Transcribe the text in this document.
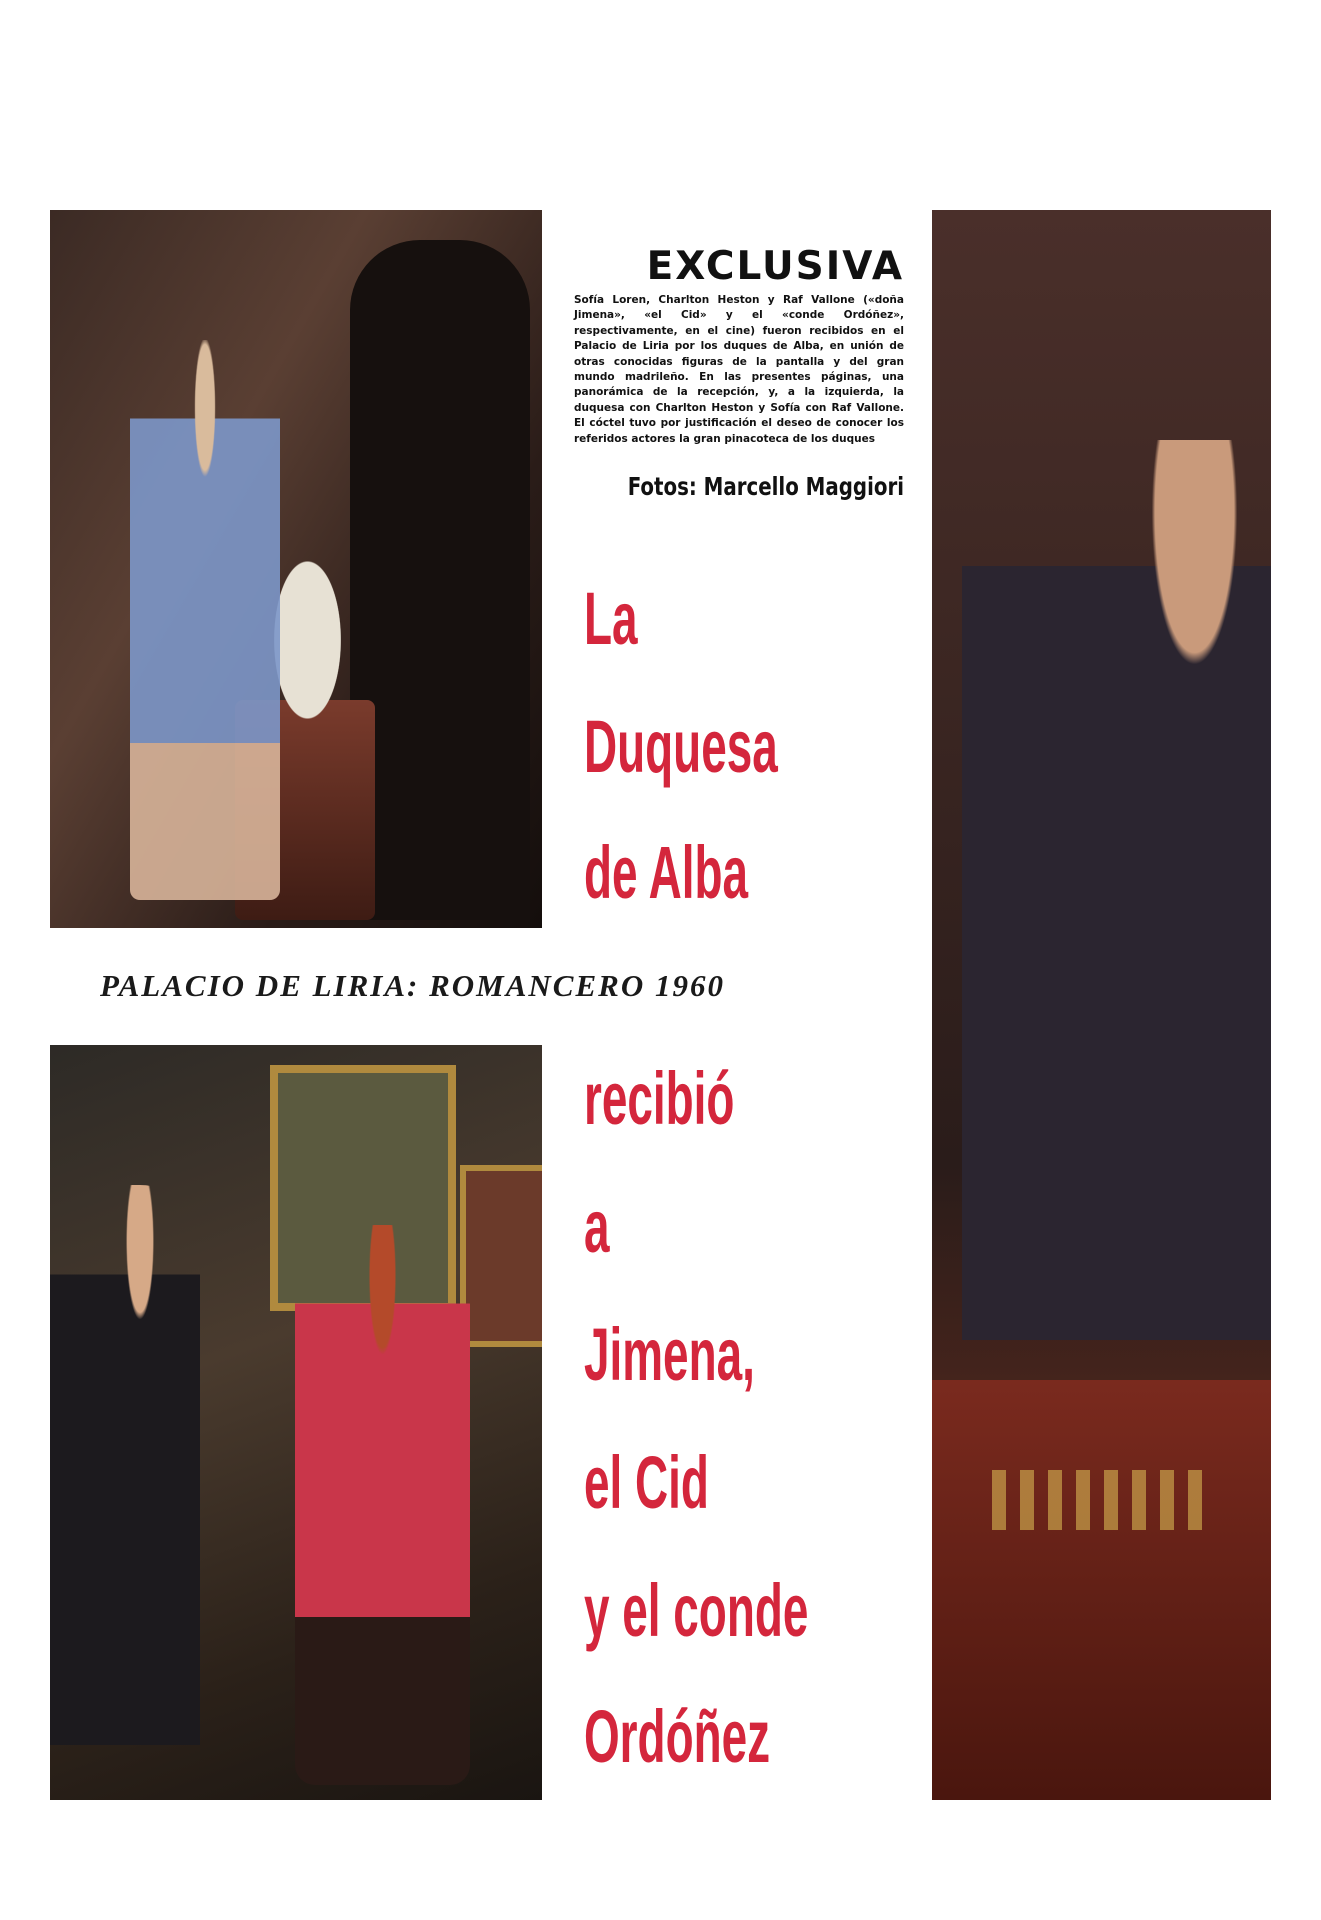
EXCLUSIVA
Sofía Loren, Charlton Heston y Raf Vallone («doña Jimena», «el Cid» y el «conde Ordóñez», respectivamente, en el cine) fueron recibidos en el Palacio de Liria por los duques de Alba, en unión de otras conocidas figuras de la pantalla y del gran mundo madrileño. En las presentes páginas, una panorámica de la recepción, y, a la izquierda, la duquesa con Charlton Heston y Sofía con Raf Vallone. El cóctel tuvo por justificación el deseo de conocer los referidos actores la gran pinacoteca de los duques
Fotos: Marcello Maggiori
La
Duquesa
de Alba
PALACIO DE LIRIA: ROMANCERO 1960
recibió
a
Jimena,
el Cid
y el conde
Ordóñez
